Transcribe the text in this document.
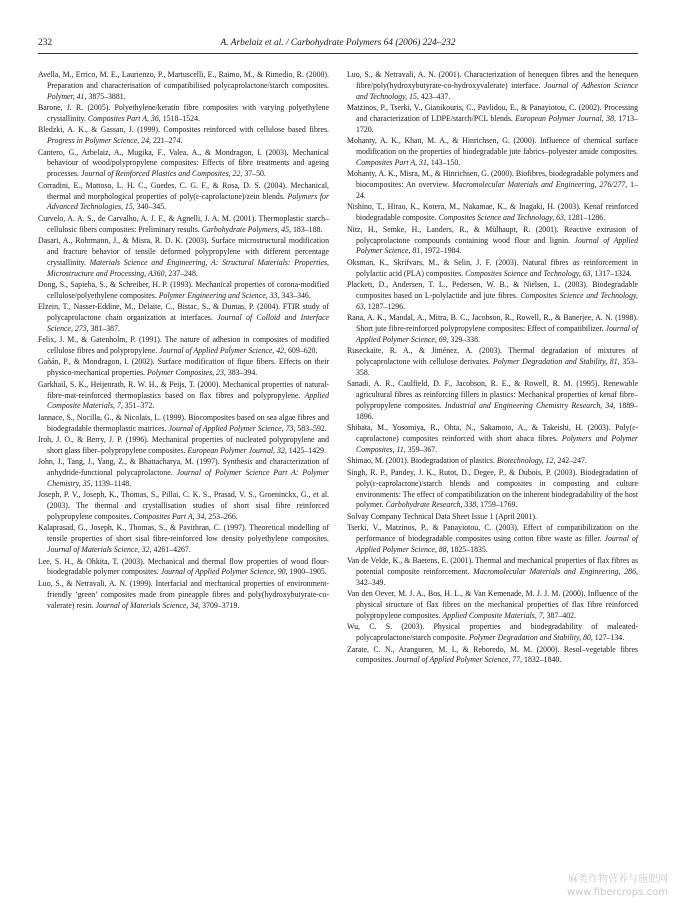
232	A. Arbelaiz et al. / Carbohydrate Polymers 64 (2006) 224–232

Avella, M., Errico, M. E., Laurienzo, P., Martuscelli, E., Raimo, M., & Rimedio, R. (2000). Preparation and characterisation of compatibilised polycaprolactone/starch composites. Polymer, 41, 3875–3881.

Barone, J. R. (2005). Polyethylene/keratin fibre composites with varying polyethylene crystallinity. Composites Part A, 36, 1518–1524.

Bledzki, A. K., & Gassan, J. (1999). Composites reinforced with cellulose based fibres. Progress in Polymer Science, 24, 221–274.

Cantero, G., Arbelaiz, A., Mugika, F., Valea, A., & Mondragon, I. (2003). Mechanical behaviour of wood/polypropylene composites: Effects of fibre treatments and ageing processes. Journal of Reinforced Plastics and Composites, 22, 37–50.

Corradini, E., Mattoso, L. H. C., Guedes, C. G. F., & Rosa, D. S. (2004). Mechanical, thermal and morphological properties of poly(ε-caprolactone)/zein blends. Polymers for Advanced Technologies, 15, 340–345.

Curvelo, A. A. S., de Carvalho, A. J. F., & Agnelli, J. A. M. (2001). Thermoplastic starch–cellulosic fibers composites: Preliminary results. Carbohydrate Polymers, 45, 183–188.

Dasari, A., Rohrmann, J., & Misra, R. D. K. (2003). Surface microstructural modification and fracture behavior of tensile deformed polypropylene with different percentage crystallinity. Materials Science and Engineering, A: Structural Materials: Properties, Microstructure and Processing, A360, 237–248.

Dong, S., Sapieha, S., & Schreiber, H. P. (1993). Mechanical properties of corona-modified cellulose/polyethylene composites. Polymer Engineering and Science, 33, 343–346.

Elzein, T., Nasser-Eddine, M., Delaite, C., Bistac, S., & Dumas, P. (2004). FTIR study of polycaprolactone chain organization at interfaces. Journal of Colloid and Interface Science, 273, 381–387.

Felix, J. M., & Gatenholm, P. (1991). The nature of adhesion in composites of modified cellulose fibres and polypropylene. Journal of Applied Polymer Science, 42, 609–620.

Gañán, P., & Mondragon, I. (2002). Surface modification of fique fibers. Effects on their physico-mechanical properties. Polymer Composites, 23, 383–394.

Garkhail, S. K., Heijenrath, R. W. H., & Peijs, T. (2000). Mechanical properties of natural-fibre-mat-reinforced thermoplastics based on flax fibres and polypropylene. Applied Composite Materials, 7, 351–372.

Iannace, S., Nocilla, G., & Nicolais, L. (1999). Biocomposites based on sea algae fibres and biodegradable thermoplastic matrices. Journal of Applied Polymer Science, 73, 583–592.

Iroh, J. O., & Berry, J. P. (1996). Mechanical properties of nucleated polypropylene and short glass fiber–polypropylene composites. European Polymer Journal, 32, 1425–1429.

John, J., Tang, J., Yang, Z., & Bhattacharya, M. (1997). Synthesis and characterization of anhydride-functional polycaprolactone. Journal of Polymer Science Part A: Polymer Chemistry, 35, 1139–1148.

Joseph, P. V., Joseph, K., Thomas, S., Pillai, C. K. S., Prasad, V. S., Groeninckx, G., et al. (2003). The thermal and crystallisation studies of short sisal fibre reinforced polypropylene composites. Composites Part A, 34, 253–266.

Kalaprasad, G., Joseph, K., Thomas, S., & Pavithran, C. (1997). Theoretical modelling of tensile properties of short sisal fibre-reinforced low density polyethylene composites. Journal of Materials Science, 32, 4261–4267.

Lee, S. H., & Ohkita, T. (2003). Mechanical and thermal flow properties of wood flour-biodegradable polymer composites. Journal of Applied Polymer Science, 90, 1900–1905.

Luo, S., & Netravali, A. N. (1999). Interfacial and mechanical properties of environment-friendly ‘green’ composites made from pineapple fibres and poly(hydroxybutyrate-co-valerate) resin. Journal of Materials Science, 34, 3709–3719.

Luo, S., & Netravali, A. N. (2001). Characterization of henequen fibres and the henequen fibre/poly(hydroxybutyrate-co-hydroxyvalerate) interface. Journal of Adhesion Science and Technology, 15, 423–437.

Matzinos, P., Tserki, V., Gianikouris, C., Pavlidou, E., & Panayiotou, C. (2002). Processing and characterization of LDPE/starch/PCL blends. European Polymer Journal, 38, 1713–1720.

Mohanty, A. K., Khan, M. A., & Hinrichsen, G. (2000). Influence of chemical surface modification on the properties of biodegradable jute fabrics–polyester amide composites. Composites Part A, 31, 143–150.

Mohanty, A. K., Misra, M., & Hinrichsen, G. (2000). Biofibres, biodegradable polymers and biocomposites: An overview. Macromolecular Materials and Engineering, 276/277, 1–24.

Nishino, T., Hirao, K., Kotera, M., Nakamae, K., & Inagaki, H. (2003). Kenaf reinforced biodegradable composite. Composites Science and Technology, 63, 1281–1286.

Nitz, H., Semke, H., Landers, R., & Mülhaupt, R. (2001). Reactive extrusion of polycaprolactone compounds containing wood flour and lignin. Journal of Applied Polymer Science, 81, 1972–1984.

Oksman, K., Skrifvars, M., & Selin, J. F. (2003). Natural fibres as reinforcement in polylactic acid (PLA) composites. Composites Science and Technology, 63, 1317–1324.

Plackett, D., Andersen, T. L., Pedersen, W. B., & Nielsen, L. (2003). Biodegradable composites based on L-polylactide and jute fibres. Composites Science and Technology, 63, 1287–1296.

Rana, A. K., Mandal, A., Mitra, B. C., Jacobson, R., Rowell, R., & Banerjee, A. N. (1998). Short jute fibre-reinforced polypropylene composites: Effect of compatibilizer. Journal of Applied Polymer Science, 69, 329–338.

Ruseckaite, R. A., & Jiménez, A. (2003). Thermal degradation of mixtures of polycaprolactone with cellulose derivates. Polymer Degradation and Stability, 81, 353–358.

Sanadi, A. R., Caulfield, D. F., Jacobson, R. E., & Rowell, R. M. (1995). Renewable agricultural fibres as reinforcing fillers in plastics: Mechanical properties of kenaf fibre–polypropylene composites. Industrial and Engineering Chemistry Research, 34, 1889–1896.

Shibata, M., Yosomiya, R., Ohta, N., Sakamoto, A., & Takeishi, H. (2003). Poly(ε-caprolactone) composites reinforced with short abaca fibres. Polymers and Polymer Composites, 11, 359–367.

Shimao, M. (2001). Biodegradation of plastics. Biotechnology, 12, 242–247.

Singh, R. P., Pandey, J. K., Rutot, D., Degee, P., & Dubois, P. (2003). Biodegradation of poly(ε-caprolactone)/starch blends and composites in composting and culture environments: The effect of compatibilization on the inherent biodegradability of the host polymer. Carbohydrate Research, 338, 1759–1769.

Solvay Company Technical Data Sheet Issue 1 (April 2001).

Tserki, V., Matzinos, P., & Panayiotou, C. (2003). Effect of compatibilization on the performance of biodegradable composites using cotton fibre waste as filler. Journal of Applied Polymer Science, 88, 1825–1835.

Van de Velde, K., & Baetens, E. (2001). Thermal and mechanical properties of flax fibres as potential composite reinforcement. Macromolecular Materials and Engineering, 286, 342–349.

Van den Oever, M. J. A., Bos, H. L., & Van Kemenade, M. J. J. M. (2000). Influence of the physical structure of flax fibres on the mechanical properties of flax fibre reinforced polypropylene composites. Applied Composite Materials, 7, 387–402.

Wu, C. S. (2003). Physical properties and biodegradability of maleated-polycaprolactone/starch composite. Polymer Degradation and Stability, 80, 127–134.

Zarate, C. N., Aranguren, M. I., & Reboredo, M. M. (2000). Resol–vegetable fibres composites. Journal of Applied Polymer Science, 77, 1832–1840.

麻类作物营养与施肥网
www.fibercrops.com
